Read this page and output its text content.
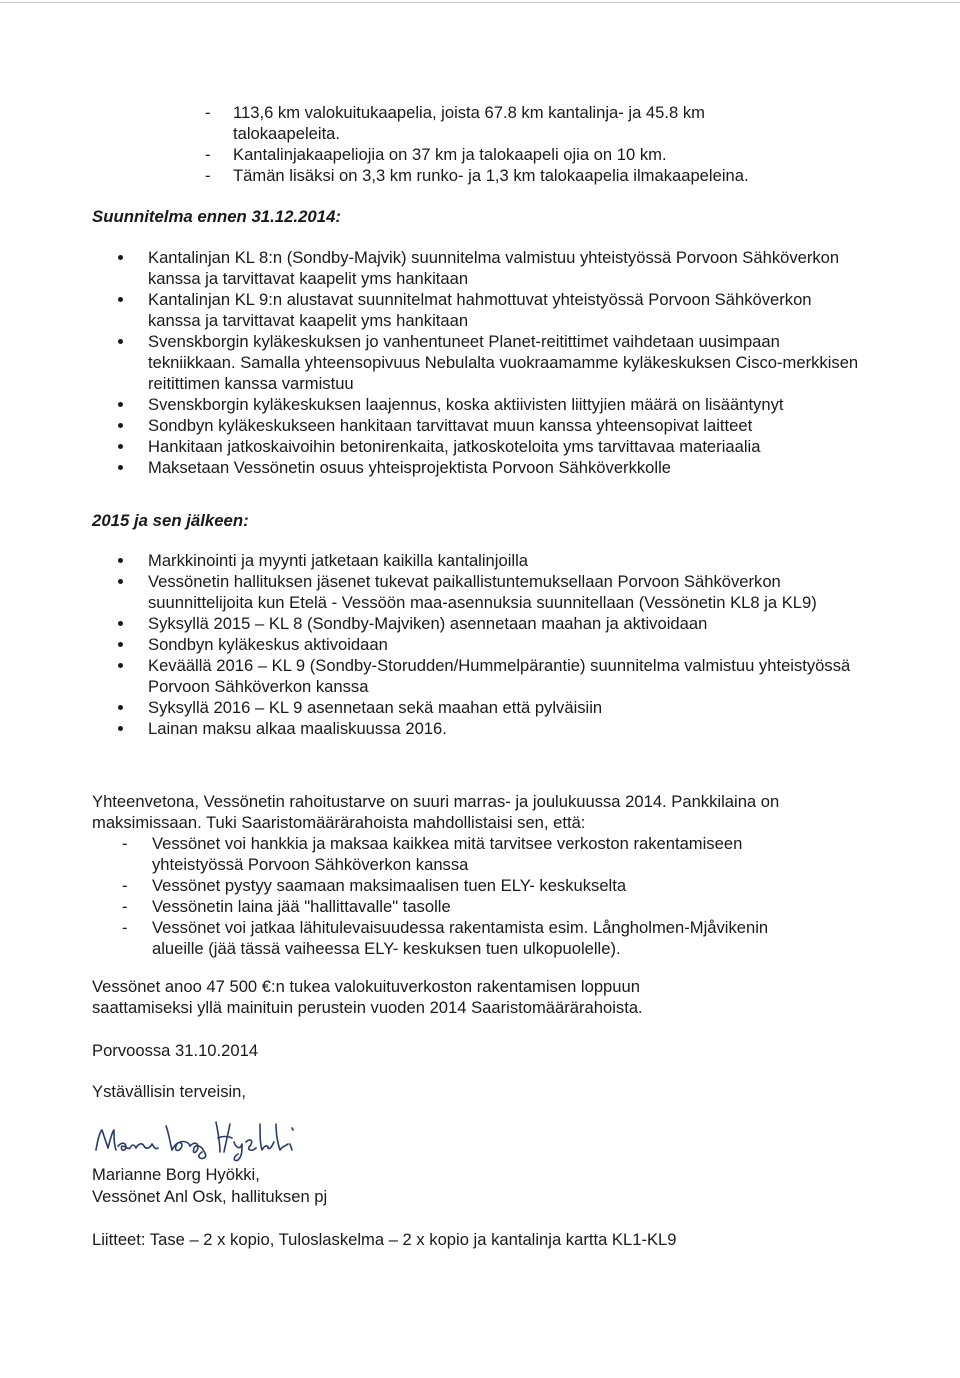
- 113,6 km valokuitukaapelia, joista 67.8 km kantalinja- ja 45.8 km talokaapeleita.
- Kantalinjakaapeliojia on 37 km ja talokaapeli ojia on 10 km.
- Tämän lisäksi on 3,3 km runko- ja 1,3 km talokaapelia ilmakaapeleina.
Suunnitelma ennen 31.12.2014:
Kantalinjan KL 8:n (Sondby-Majvik) suunnitelma valmistuu yhteistyössä Porvoon Sähköverkon kanssa ja tarvittavat kaapelit yms hankitaan
Kantalinjan KL 9:n alustavat suunnitelmat hahmottuvat yhteistyössä Porvoon Sähköverkon kanssa ja tarvittavat kaapelit yms hankitaan
Svenskborgin kyläkeskuksen jo vanhentuneet Planet-reitittimet vaihdetaan uusimpaan tekniikkaan. Samalla yhteensopivuus Nebulalta vuokraamamme kyläkeskuksen Cisco-merkkisen reitittimen kanssa varmistuu
Svenskborgin kyläkeskuksen laajennus, koska aktiivisten liittyjien määrä on lisääntynyt
Sondbyn kyläkeskukseen hankitaan tarvittavat muun kanssa yhteensopivat laitteet
Hankitaan jatkoskaivoihin betonirenkaita, jatkoskoteloita yms tarvittavaa materiaalia
Maksetaan Vessönetin osuus yhteisprojektista Porvoon Sähköverkkolle
2015 ja sen jälkeen:
Markkinointi ja myynti jatketaan kaikilla kantalinjoilla
Vessönetin hallituksen jäsenet tukevat paikallistuntemuksellaan Porvoon Sähköverkon suunnittelijoita kun Etelä - Vessöön maa-asennuksia suunnitellaan (Vessönetin KL8 ja KL9)
Syksyllä 2015 – KL 8 (Sondby-Majviken) asennetaan maahan ja aktivoidaan
Sondbyn kyläkeskus aktivoidaan
Keväällä 2016 – KL 9 (Sondby-Storudden/Hummelpärantie) suunnitelma valmistuu yhteistyössä Porvoon Sähköverkon kanssa
Syksyllä 2016 – KL 9 asennetaan sekä maahan että pylväisiin
Lainan maksu alkaa maaliskuussa 2016.

Yhteenvetona, Vessönetin rahoitustarve on suuri marras- ja joulukuussa 2014. Pankkilaina on maksimissaan. Tuki Saaristomäärärahoista mahdollistaisi sen, että:

- Vessönet voi hankkia ja maksaa kaikkea mitä tarvitsee verkoston rakentamiseen yhteistyössä Porvoon Sähköverkon kanssa
- Vessönet pystyy saamaan maksimaalisen tuen ELY- keskukselta
- Vessönetin laina jää "hallittavalle" tasolle
- Vessönet voi jatkaa lähitulevaisuudessa rakentamista esim. Långholmen-Mjåvikenin alueille (jää tässä vaiheessa ELY- keskuksen tuen ulkopuolelle).

Vessönet anoo 47 500 €:n tukea valokuituverkoston rakentamisen loppuun saattamiseksi yllä mainituin perustein vuoden 2014 Saaristomäärärahoista.

Porvoossa 31.10.2014

Ystävällisin terveisin,

Marianne Borg Hyökki,

Vessönet Anl Osk, hallituksen pj

Liitteet: Tase – 2 x kopio, Tuloslaskelma – 2 x kopio ja kantalinja kartta KL1-KL9
